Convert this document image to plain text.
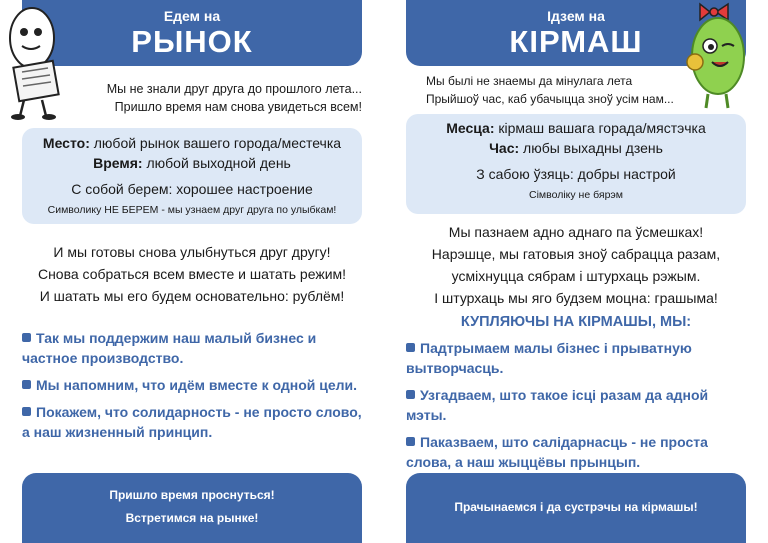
Едем на
РЫНОК
Мы не знали друг друга до прошлого лета...
Пришло время нам снова увидеться всем!
Место: любой рынок вашего города/местечка
Время: любой выходной день
С собой берем: хорошее настроение
Символику НЕ БЕРЕМ - мы узнаем друг друга по улыбкам!
И мы готовы снова улыбнуться друг другу!
Снова собраться всем вместе и шатать режим!
И шатать мы его будем основательно: рублём!
Так мы поддержим наш малый бизнес и частное производство.
Мы напомним, что идём вместе к одной цели.
Покажем, что солидарность - не просто слово, а наш жизненный принцип.
Пришло время проснуться!
Встретимся на рынке!
Ідзем на
КІРМАШ
Мы былі не знаемы да мінулага лета
Прыйшоў час, каб убачыцца зноў усім нам...
Месца: кірмаш вашага горада/мястэчка
Час: любы выхадны дзень
З сабою ўзяць: добры настрой
Сімволіку не бярэм
Мы пазнаем адно аднаго па ўсмешках!
Нарэшце, мы гатовыя зноў сабрацца разам,
усміхнуцца сябрам і штурхаць рэжым.
І штурхаць мы яго будзем моцна: грашыма!
КУПЛЯЮЧЫ НА КІРМАШЫ, МЫ:
Падтрымаем малы бізнес і прыватную вытворчасць.
Узгадваем, што такое ісці разам да адной мэты.
Паказваем, што салідарнасць - не проста слова, а наш жыццёвы прынцып.
Прачынаемся і да сустрэчы на кірмашы!
